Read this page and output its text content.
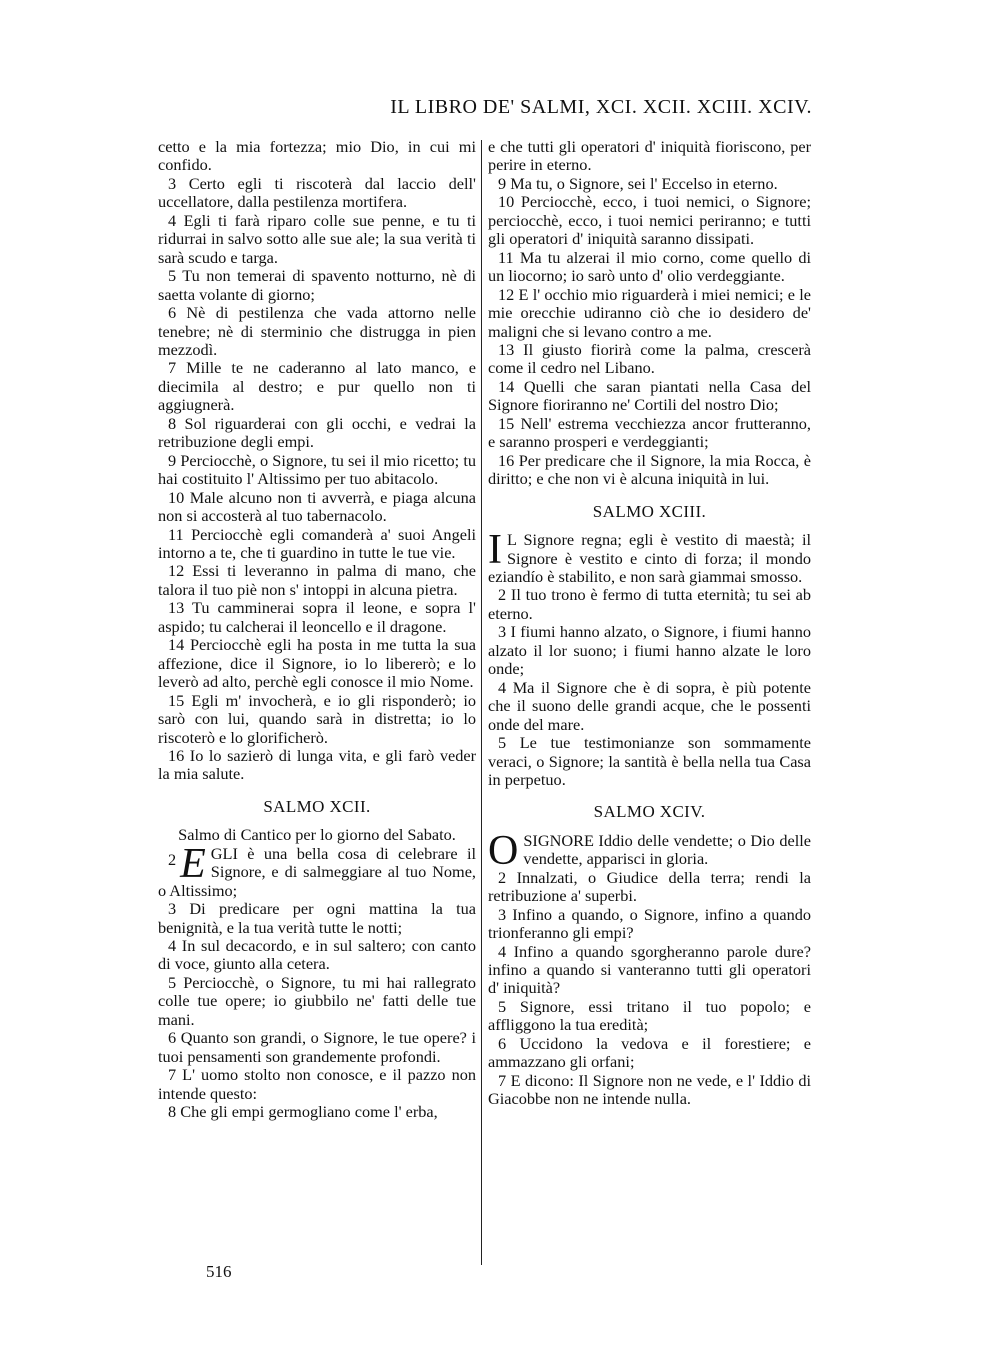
IL LIBRO DE' SALMI, XCI. XCII. XCIII. XCIV.

cetto e la mia fortezza; mio Dio, in cui mi confido.

3 Certo egli ti riscoterà dal laccio dell' uccellatore, dalla pestilenza mortifera.

4 Egli ti farà riparo colle sue penne, e tu ti ridurrai in salvo sotto alle sue ale; la sua verità ti sarà scudo e targa.

5 Tu non temerai di spavento notturno, nè di saetta volante di giorno;

6 Nè di pestilenza che vada attorno nelle tenebre; nè di sterminio che distrugga in pien mezzodì.

7 Mille te ne caderanno al lato manco, e diecimila al destro; e pur quello non ti aggiugnerà.

8 Sol riguarderai con gli occhi, e vedrai la retribuzione degli empi.

9 Percioсchè, o Signore, tu sei il mio ricetto; tu hai costituito l' Altissimo per tuo abitacolo.

10 Male alcuno non ti avverrà, e piaga alcuna non si accosterà al tuo tabernacolo.

11 Perciocchè egli comanderà a' suoi Angeli intorno a te, che ti guardino in tutte le tue vie.

12 Essi ti leveranno in palma di mano, che talora il tuo piè non s' intoppi in alcuna pietra.

13 Tu camminerai sopra il leone, e sopra l' aspido; tu calcherai il leoncello e il dragone.

14 Perciocchè egli ha posta in me tutta la sua affezione, dice il Signore, io lo libererò; e lo leverò ad alto, perchè egli conosce il mio Nome.

15 Egli m' invocherà, e io gli risponderò; io sarò con lui, quando sarà in distretta; io lo riscoterò e lo glorificherò.

16 Io lo sazierò di lunga vita, e gli farò veder la mia salute.

SALMO XCII.

Salmo di Cantico per lo giorno del Sabato.

2 E GLI è una bella cosa di celebrare il Signore, e di salmeggiare al tuo Nome, o Altissimo;

3 Di predicare per ogni mattina la tua benignità, e la tua verità tutte le notti;

4 In sul decacordo, e in sul saltero; con canto di voce, giunto alla cetera.

5 Perciocchè, o Signore, tu mi hai rallegrato colle tue opere; io giubbilo ne' fatti delle tue mani.

6 Quanto son grandi, o Signore, le tue opere? i tuoi pensamenti son grandemente profondi.

7 L' uomo stolto non conosce, e il pazzo non intende questo:

8 Che gli empi germogliano come l' erba,

e che tutti gli operatori d' iniquità fioriscono, per perire in eterno.

9 Ma tu, o Signore, sei l' Eccelso in eterno.

10 Perciocchè, ecco, i tuoi nemici, o Signore; perciocchè, ecco, i tuoi nemici periranno; e tutti gli operatori d' iniquità saranno dissipati.

11 Ma tu alzerai il mio corno, come quello di un liocorno; io sarò unto d' olio verdeggiante.

12 E l' occhio mio riguarderà i miei nemici; e le mie orecchie udiranno ciò che io desidero de' maligni che si levano contro a me.

13 Il giusto fiorirà come la palma, crescerà come il cedro nel Libano.

14 Quelli che saran piantati nella Casa del Signore fioriranno ne' Cortili del nostro Dio;

15 Nell' estrema vecchiezza ancor frutteranno, e saranno prosperi e verdeggianti;

16 Per predicare che il Signore, la mia Rocca, è diritto; e che non vi è alcuna iniquità in lui.

SALMO XCIII.

I L Signore regna; egli è vestito di maestà; il Signore è vestito e cinto di forza; il mondo eziandío è stabilito, e non sarà giammai smosso.

2 Il tuo trono è fermo di tutta eternità; tu sei ab eterno.

3 I fiumi hanno alzato, o Signore, i fiumi hanno alzato il lor suono; i fiumi hanno alzate le loro onde;

4 Ma il Signore che è di sopra, è più potente che il suono delle grandi acque, che le possenti onde del mare.

5 Le tue testimonianze son sommamente veraci, o Signore; la santità è bella nella tua Casa in perpetuo.

SALMO XCIV.

O SIGNORE Iddio delle vendette; o Dio delle vendette, apparisci in gloria.

2 Innalzati, o Giudice della terra; rendi la retribuzione a' superbi.

3 Infino a quando, o Signore, infino a quando trionferanno gli empi?

4 Infino a quando sgorgheranno parole dure? infino a quando si vanteranno tutti gli operatori d' iniquità?

5 Signore, essi tritano il tuo popolo; e affliggono la tua eredità;

6 Uccidono la vedova e il forestiere; e ammazzano gli orfani;

7 E dicono: Il Signore non ne vede, e l' Iddio di Giacobbe non ne intende nulla.

516
